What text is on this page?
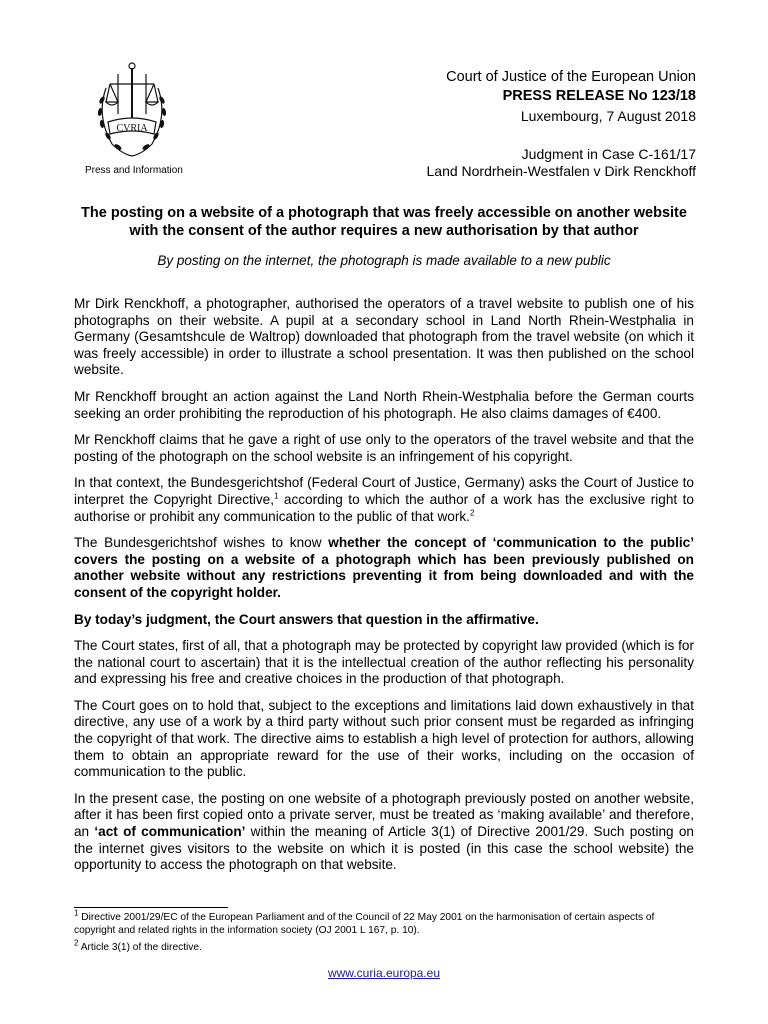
CVRIA
Press and Information
Court of Justice of the European Union
PRESS RELEASE No 123/18
Luxembourg, 7 August 2018
Judgment in Case C-161/17
Land Nordrhein-Westfalen v Dirk Renckhoff
The posting on a website of a photograph that was freely accessible on another website with the consent of the author requires a new authorisation by that author

By posting on the internet, the photograph is made available to a new public

Mr Dirk Renckhoff, a photographer, authorised the operators of a travel website to publish one of his photographs on their website. A pupil at a secondary school in Land North Rhein-Westphalia in Germany (Gesamtshcule de Waltrop) downloaded that photograph from the travel website (on which it was freely accessible) in order to illustrate a school presentation. It was then published on the school website.

Mr Renckhoff brought an action against the Land North Rhein-Westphalia before the German courts seeking an order prohibiting the reproduction of his photograph. He also claims damages of €400.

Mr Renckhoff claims that he gave a right of use only to the operators of the travel website and that the posting of the photograph on the school website is an infringement of his copyright.

In that context, the Bundesgerichtshof (Federal Court of Justice, Germany) asks the Court of Justice to interpret the Copyright Directive,$^1$ according to which the author of a work has the exclusive right to authorise or prohibit any communication to the public of that work.$^2$

The Bundesgerichtshof wishes to know whether the concept of ‘communication to the public’ covers the posting on a website of a photograph which has been previously published on another website without any restrictions preventing it from being downloaded and with the consent of the copyright holder.

By today’s judgment, the Court answers that question in the affirmative.

The Court states, first of all, that a photograph may be protected by copyright law provided (which is for the national court to ascertain) that it is the intellectual creation of the author reflecting his personality and expressing his free and creative choices in the production of that photograph.

The Court goes on to hold that, subject to the exceptions and limitations laid down exhaustively in that directive, any use of a work by a third party without such prior consent must be regarded as infringing the copyright of that work. The directive aims to establish a high level of protection for authors, allowing them to obtain an appropriate reward for the use of their works, including on the occasion of communication to the public.

In the present case, the posting on one website of a photograph previously posted on another website, after it has been first copied onto a private server, must be treated as ‘making available’ and therefore, an ‘act of communication’ within the meaning of Article 3(1) of Directive 2001/29. Such posting on the internet gives visitors to the website on which it is posted (in this case the school website) the opportunity to access the photograph on that website.

$^1$ Directive 2001/29/EC of the European Parliament and of the Council of 22 May 2001 on the harmonisation of certain aspects of copyright and related rights in the information society (OJ 2001 L 167, p. 10).
$^2$ Article 3(1) of the directive.
www.curia.europa.eu
